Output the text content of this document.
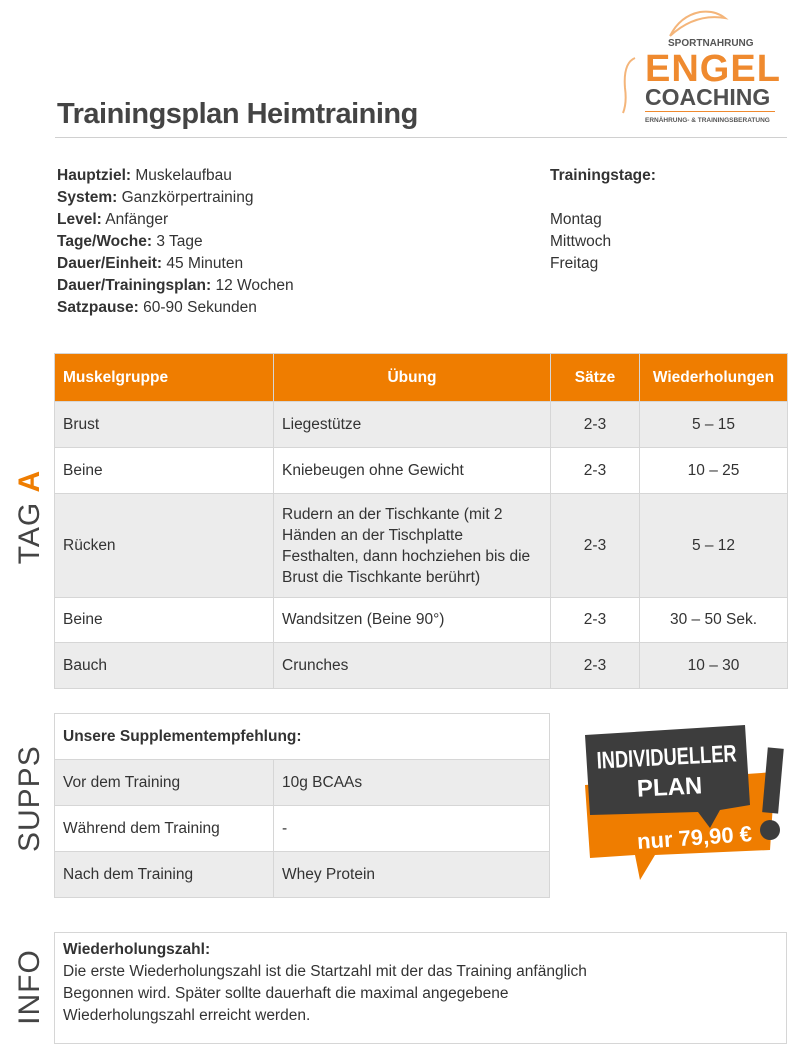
SPORTNAHRUNG
ENGEL
COACHING
ERNÄHRUNG- & TRAININGSBERATUNG
Trainingsplan Heimtraining
Hauptziel: Muskelaufbau
System: Ganzkörpertraining
Level: Anfänger
Tage/Woche: 3 Tage
Dauer/Einheit: 45 Minuten
Dauer/Trainingsplan: 12 Wochen
Satzpause: 60-90 Sekunden
Trainingstage:

Montag
Mittwoch
Freitag
TAG A
Muskelgruppe	Übung	Sätze	Wiederholungen
Brust	Liegestütze	2-3	5 – 15
Beine	Kniebeugen ohne Gewicht	2-3	10 – 25
Rücken	Rudern an der Tischkante (mit 2 Händen an der Tischplatte Festhalten, dann hochziehen bis die Brust die Tischkante berührt)	2-3	5 – 12
Beine	Wandsitzen (Beine 90°)	2-3	30 – 50 Sek.
Bauch	Crunches	2-3	10 – 30
SUPPS
Unsere Supplementempfehlung:	
Vor dem Training	10g BCAAs
Während dem Training	-
Nach dem Training	Whey Protein
INDIVIDUELLER
PLAN
nur 79,90 €
INFO	Wiederholungszahl:
Die erste Wiederholungszahl ist die Startzahl mit der das Training anfänglich Begonnen wird. Später sollte dauerhaft die maximal angegebene Wiederholungszahl erreicht werden.
